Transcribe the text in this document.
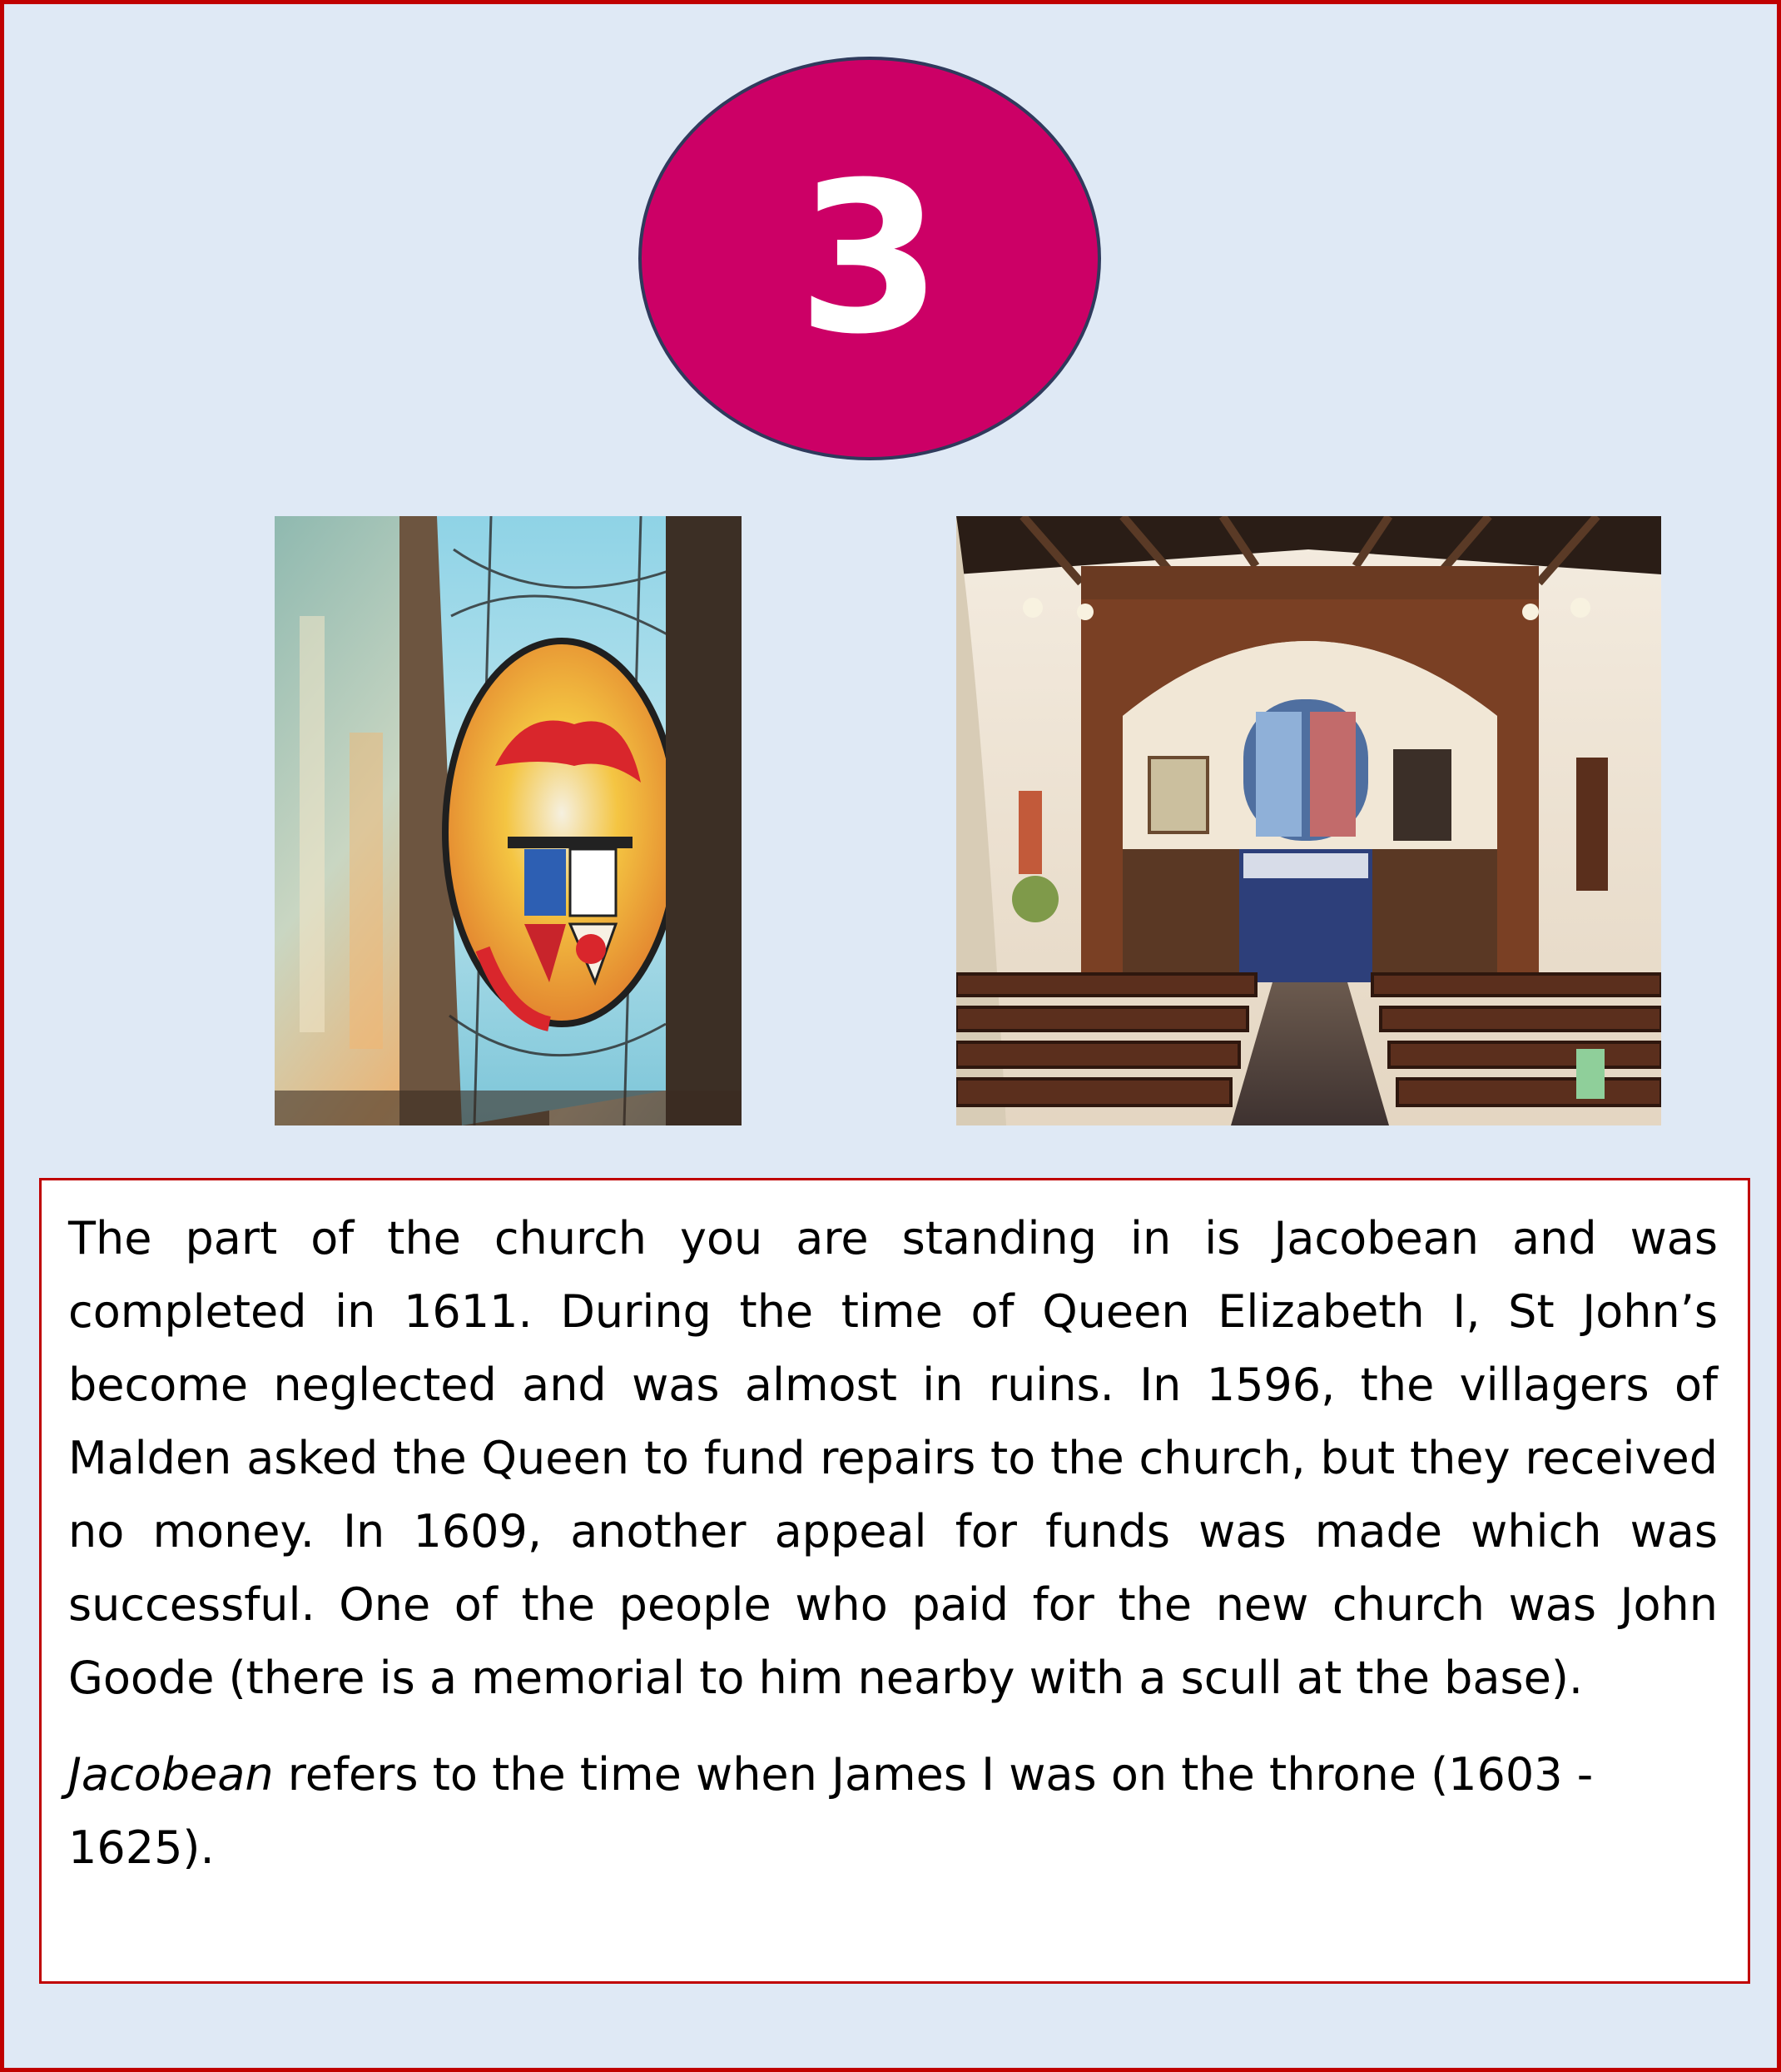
3

The part of the church you are standing in is Jacobean and was completed in 1611. During the time of Queen Elizabeth I, St John’s become neglected and was almost in ruins. In 1596, the villagers of Malden asked the Queen to fund repairs to the church, but they received no money. In 1609, another appeal for funds was made which was successful. One of the people who paid for the new church was John Goode (there is a memorial to him nearby with a scull at the base).

Jacobean refers to the time when James I was on the throne (1603 - 1625).
